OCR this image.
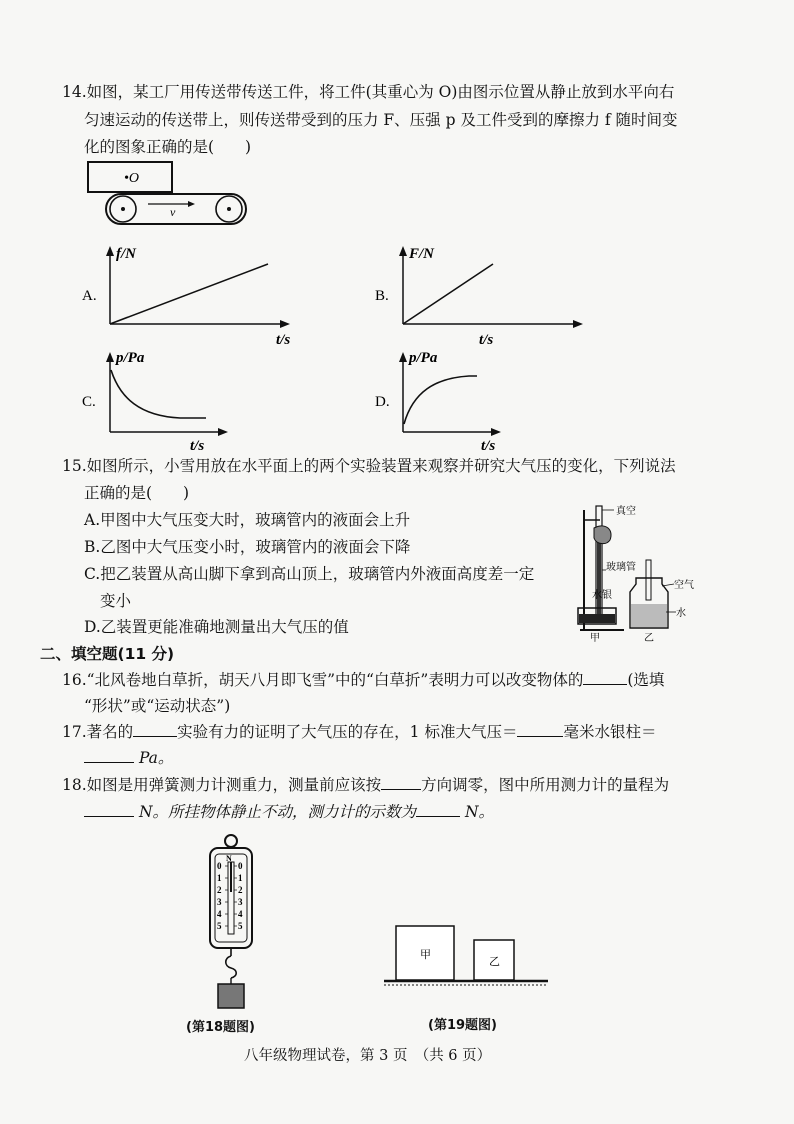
14.如图，某工厂用传送带传送工件，将工件(其重心为 O)由图示位置从静止放到水平向右
匀速运动的传送带上，则传送带受到的压力 F、压强 p 及工件受到的摩擦力 f 随时间变
化的图象正确的是(　　)
•O
v
A.
f/N
t/s
B.
F/N
t/s
C.
p/Pa
t/s
D.
p/Pa
t/s
15.如图所示，小雪用放在水平面上的两个实验装置来观察并研究大气压的变化，下列说法
正确的是(　　)
A.甲图中大气压变大时，玻璃管内的液面会上升
B.乙图中大气压变小时，玻璃管内的液面会下降
C.把乙装置从高山脚下拿到高山顶上，玻璃管内外液面高度差一定
变小
D.乙装置更能准确地测量出大气压的值
真空
玻璃管
水银
甲
空气
水
乙
二、填空题(11 分)
16.“北风卷地白草折，胡天八月即飞雪”中的“白草折”表明力可以改变物体的	(选填
“形状”或“运动状态”)
17.著名的	实验有力的证明了大气压的存在，1 标准大气压＝	毫米水银柱＝
Pa。
18.如图是用弹簧测力计测重力，测量前应该按	方向调零，图中所用测力计的量程为
N。所挂物体静止不动，测力计的示数为	N。
N
0
1
2
3
4
5
0
1
2
3
4
5
(第18题图)
甲
乙
(第19题图)
八年级物理试卷，第 3 页　（共 6 页）
